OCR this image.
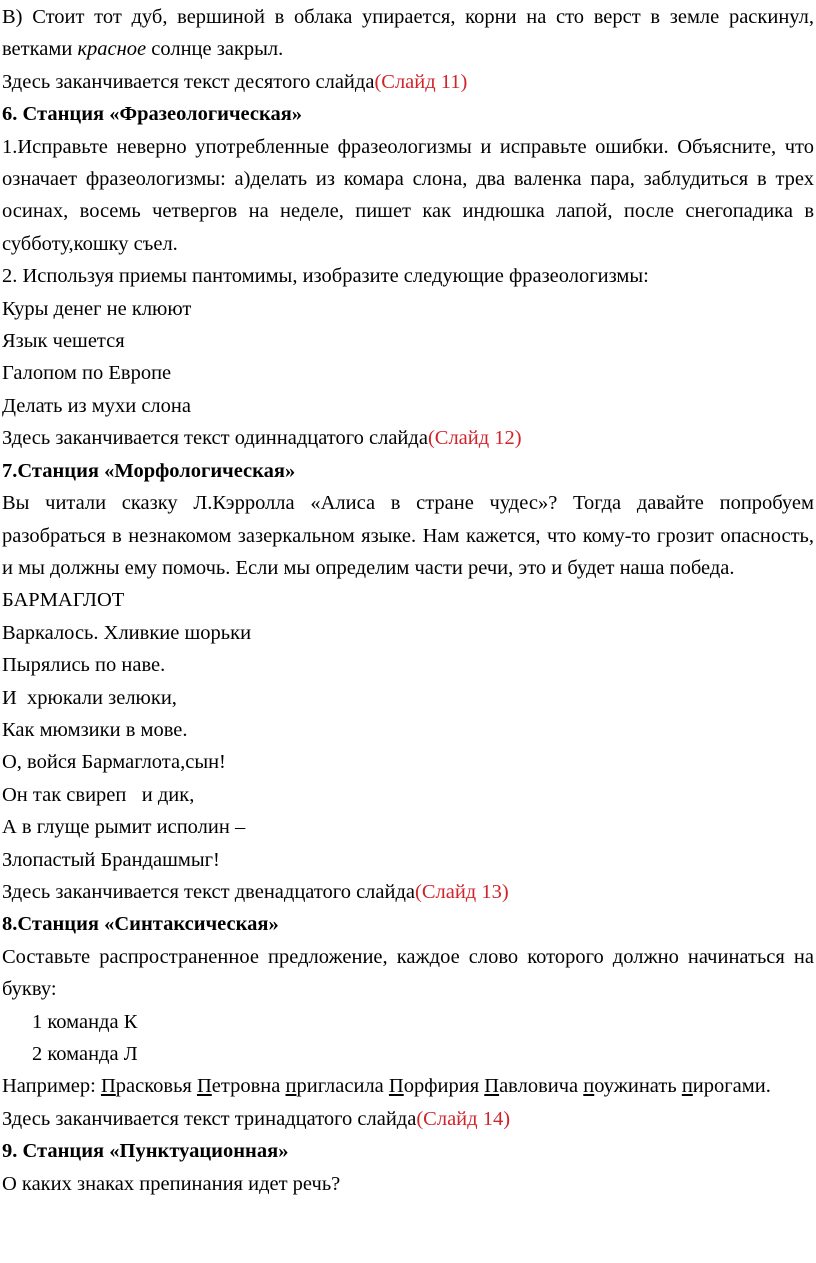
В) Стоит тот дуб, вершиной в облака упирается, корни на сто верст в земле раскинул, ветками красное солнце закрыл.

Здесь заканчивается текст десятого слайда(Слайд 11)

6. Станция «Фразеологическая»

1.Исправьте неверно употребленные фразеологизмы и исправьте ошибки. Объясните, что означает фразеологизмы: а)делать из комара слона, два валенка пара, заблудиться в трех осинах, восемь четвергов на неделе, пишет как индюшка лапой, после снегопадика в субботу,кошку съел.

2. Используя приемы пантомимы, изобразите следующие фразеологизмы:

Куры денег не клюют

Язык чешется

Галопом по Европе

Делать из мухи слона

Здесь заканчивается текст одиннадцатого слайда(Слайд 12)

7.Станция «Морфологическая»

Вы читали сказку Л.Кэрролла «Алиса в стране чудес»? Тогда давайте попробуем разобраться в незнакомом зазеркальном языке. Нам кажется, что кому-то грозит опасность, и мы должны ему помочь. Если мы определим части речи, это и будет наша победа.

БАРМАГЛОТ

Варкалось. Хливкие шорьки

Пырялись по наве.

И  хрюкали зелюки,

Как мюмзики в мове.

О, войся Бармаглота,сын!

Он так свиреп   и дик,

А в глуще рымит исполин –

Злопастый Брандашмыг!

Здесь заканчивается текст двенадцатого слайда(Слайд 13)

8.Станция «Синтаксическая»

Составьте распространенное предложение, каждое слово которого должно начинаться на букву:

1 команда К

2 команда Л

Например: Прасковья Петровна пригласила Порфирия Павловича поужинать пирогами.

Здесь заканчивается текст тринадцатого слайда(Слайд 14)

9. Станция «Пунктуационная»

О каких знаках препинания идет речь?
